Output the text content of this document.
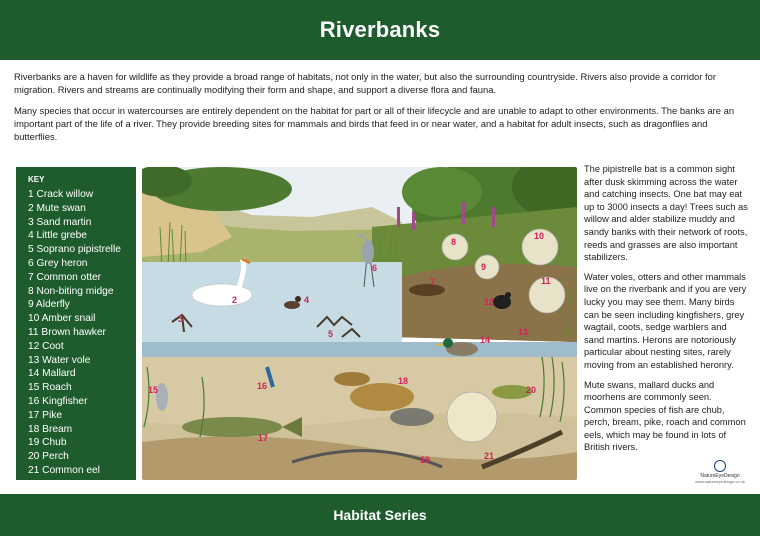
Riverbanks

Riverbanks are a haven for wildlife as they provide a broad range of habitats, not only in the water, but also the surrounding countryside. Rivers also provide a corridor for migration. Rivers and streams are continually modifying their form and shape, and support a diverse flora and fauna.

Many species that occur in watercourses are entirely dependent on the habitat for part or all of their lifecycle and are unable to adapt to other environments. The banks are an important part of the life of a river. They provide breeding sites for mammals and birds that feed in or near water, and a habitat for adult insects, such as dragonflies and butterflies.

KEY
1 Crack willow
2 Mute swan
3 Sand martin
4 Little grebe
5 Soprano pipistrelle
6 Grey heron
7 Common otter
8 Non-biting midge
9 Alderfly
10 Amber snail
11 Brown hawker
12 Coot
13 Water vole
14 Mallard
15 Roach
16 Kingfisher
17 Pike
18 Bream
19 Chub
20 Perch
21 Common eel
2
3
4
5
6
7
8
9
10
11
12
13
14
15	16
17
18
19
20
21

The pipistrelle bat is a common sight after dusk skimming across the water and catching insects. One bat may eat up to 3000 insects a day! Trees such as willow and alder stabilize muddy and sandy banks with their network of roots, reeds and grasses are also important stabilizers.

Water voles, otters and other mammals live on the riverbank and if you are very lucky you may see them. Many birds can be seen including kingfishers, grey wagtail, coots, sedge warblers and sand martins. Herons are notoriously particular about nesting sites, rarely moving from an established heronry.

Mute swans, mallard ducks and moorhens are commonly seen. Common species of fish are chub, perch, bream, pike, roach and common eels, which may be found in lots of British rivers.

NatureEyeDesign
www.natureeyedesign.co.uk
Habitat Series
